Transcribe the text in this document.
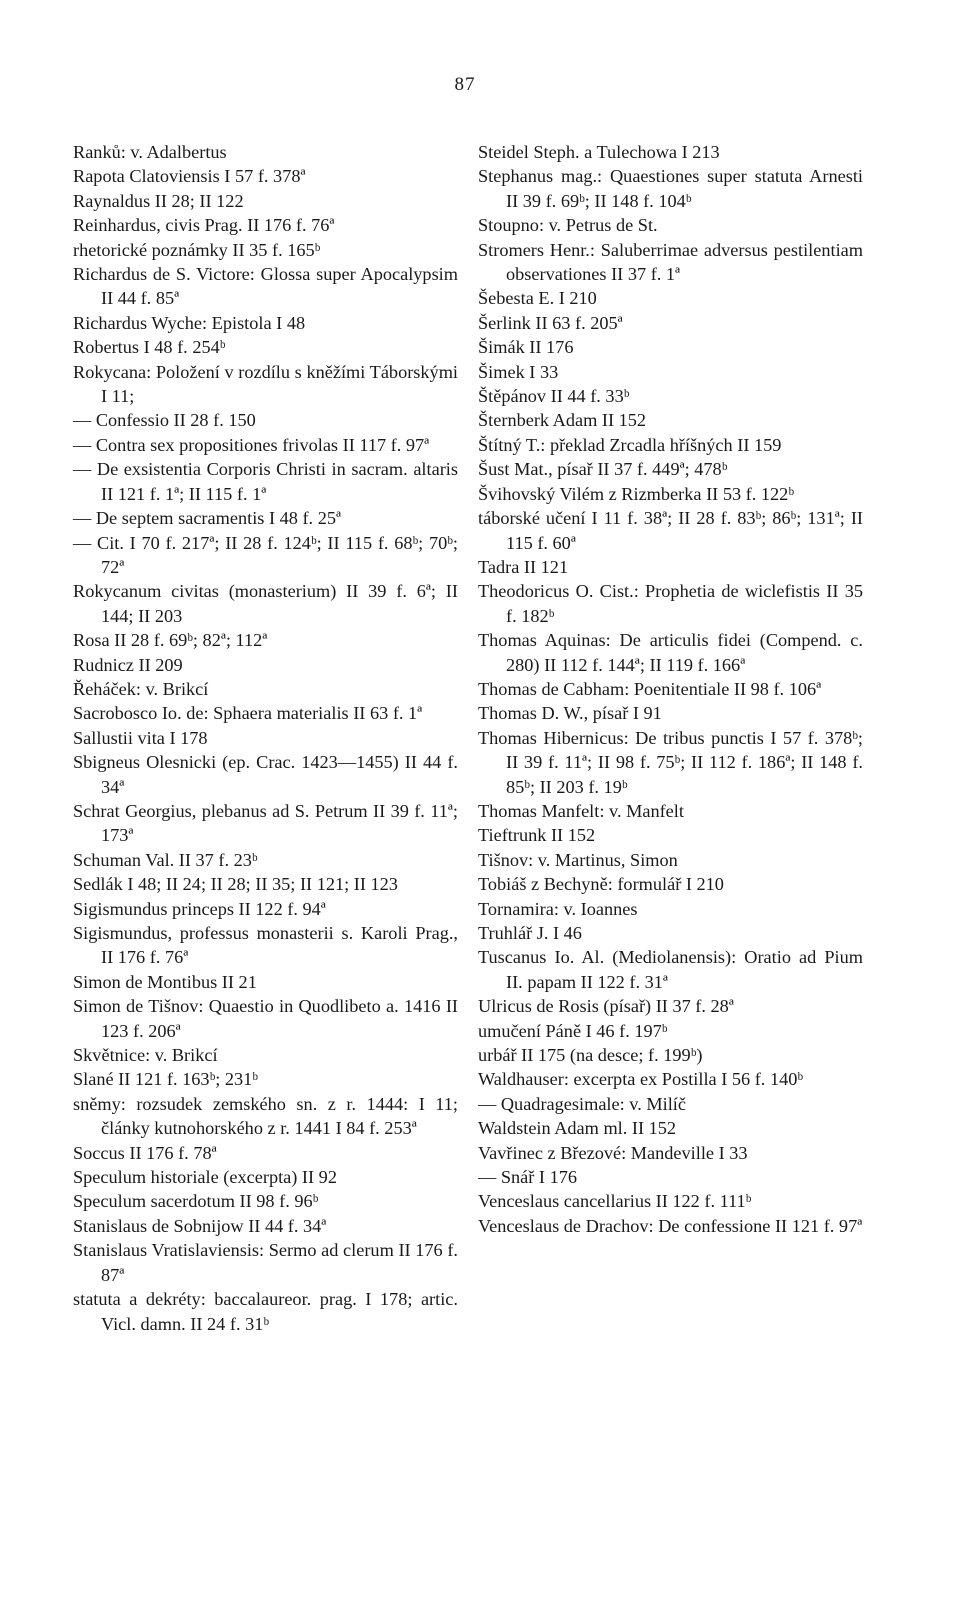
87

Ranků: v. Adalbertus

Rapota Clatoviensis I 57 f. 378ª

Raynaldus II 28; II 122

Reinhardus, civis Prag. II 176 f. 76ª

rhetorické poznámky II 35 f. 165ᵇ

Richardus de S. Victore: Glossa super Apocalypsim II 44 f. 85ª

Richardus Wyche: Epistola I 48

Robertus I 48 f. 254ᵇ

Rokycana: Položení v rozdílu s kněžími Táborskými I 11;

— Confessio II 28 f. 150

— Contra sex propositiones frivolas II 117 f. 97ª

— De exsistentia Corporis Christi in sacram. altaris II 121 f. 1ª; II 115 f. 1ª

— De septem sacramentis I 48 f. 25ª

— Cit. I 70 f. 217ª; II 28 f. 124ᵇ; II 115 f. 68ᵇ; 70ᵇ; 72ª

Rokycanum civitas (monasterium) II 39 f. 6ª; II 144; II 203

Rosa II 28 f. 69ᵇ; 82ª; 112ª

Rudnicz II 209

Řeháček: v. Brikcí

Sacrobosco Io. de: Sphaera materialis II 63 f. 1ª

Sallustii vita I 178

Sbigneus Olesnicki (ep. Crac. 1423—1455) II 44 f. 34ª

Schrat Georgius, plebanus ad S. Petrum II 39 f. 11ª; 173ª

Schuman Val. II 37 f. 23ᵇ

Sedlák I 48; II 24; II 28; II 35; II 121; II 123

Sigismundus princeps II 122 f. 94ª

Sigismundus, professus monasterii s. Karoli Prag., II 176 f. 76ª

Simon de Montibus II 21

Simon de Tišnov: Quaestio in Quodlibeto a. 1416 II 123 f. 206ª

Skvětnice: v. Brikcí

Slané II 121 f. 163ᵇ; 231ᵇ

sněmy: rozsudek zemského sn. z r. 1444: I 11; články kutnohorského z r. 1441 I 84 f. 253ª

Soccus II 176 f. 78ª

Speculum historiale (excerpta) II 92

Speculum sacerdotum II 98 f. 96ᵇ

Stanislaus de Sobnijow II 44 f. 34ª

Stanislaus Vratislaviensis: Sermo ad clerum II 176 f. 87ª

statuta a dekréty: baccalaureor. prag. I 178; artic. Vicl. damn. II 24 f. 31ᵇ

Steidel Steph. a Tulechowa I 213

Stephanus mag.: Quaestiones super statuta Arnesti II 39 f. 69ᵇ; II 148 f. 104ᵇ

Stoupno: v. Petrus de St.

Stromers Henr.: Saluberrimae adversus pestilentiam observationes II 37 f. 1ª

Šebesta E. I 210

Šerlink II 63 f. 205ª

Šimák II 176

Šimek I 33

Štěpánov II 44 f. 33ᵇ

Šternberk Adam II 152

Štítný T.: překlad Zrcadla hříšných II 159

Šust Mat., písař II 37 f. 449ª; 478ᵇ

Švihovský Vilém z Rizmberka II 53 f. 122ᵇ

táborské učení I 11 f. 38ª; II 28 f. 83ᵇ; 86ᵇ; 131ª; II 115 f. 60ª

Tadra II 121

Theodoricus O. Cist.: Prophetia de wiclefistis II 35 f. 182ᵇ

Thomas Aquinas: De articulis fidei (Compend. c. 280) II 112 f. 144ª; II 119 f. 166ª

Thomas de Cabham: Poenitentiale II 98 f. 106ª

Thomas D. W., písař I 91

Thomas Hibernicus: De tribus punctis I 57 f. 378ᵇ; II 39 f. 11ª; II 98 f. 75ᵇ; II 112 f. 186ª; II 148 f. 85ᵇ; II 203 f. 19ᵇ

Thomas Manfelt: v. Manfelt

Tieftrunk II 152

Tišnov: v. Martinus, Simon

Tobiáš z Bechyně: formulář I 210

Tornamira: v. Ioannes

Truhlář J. I 46

Tuscanus Io. Al. (Mediolanensis): Oratio ad Pium II. papam II 122 f. 31ª

Ulricus de Rosis (písař) II 37 f. 28ª

umučení Páně I 46 f. 197ᵇ

urbář II 175 (na desce; f. 199ᵇ)

Waldhauser: excerpta ex Postilla I 56 f. 140ᵇ

— Quadragesimale: v. Milíč

Waldstein Adam ml. II 152

Vavřinec z Březové: Mandeville I 33

— Snář I 176

Venceslaus cancellarius II 122 f. 111ᵇ

Venceslaus de Drachov: De confessione II 121 f. 97ª
